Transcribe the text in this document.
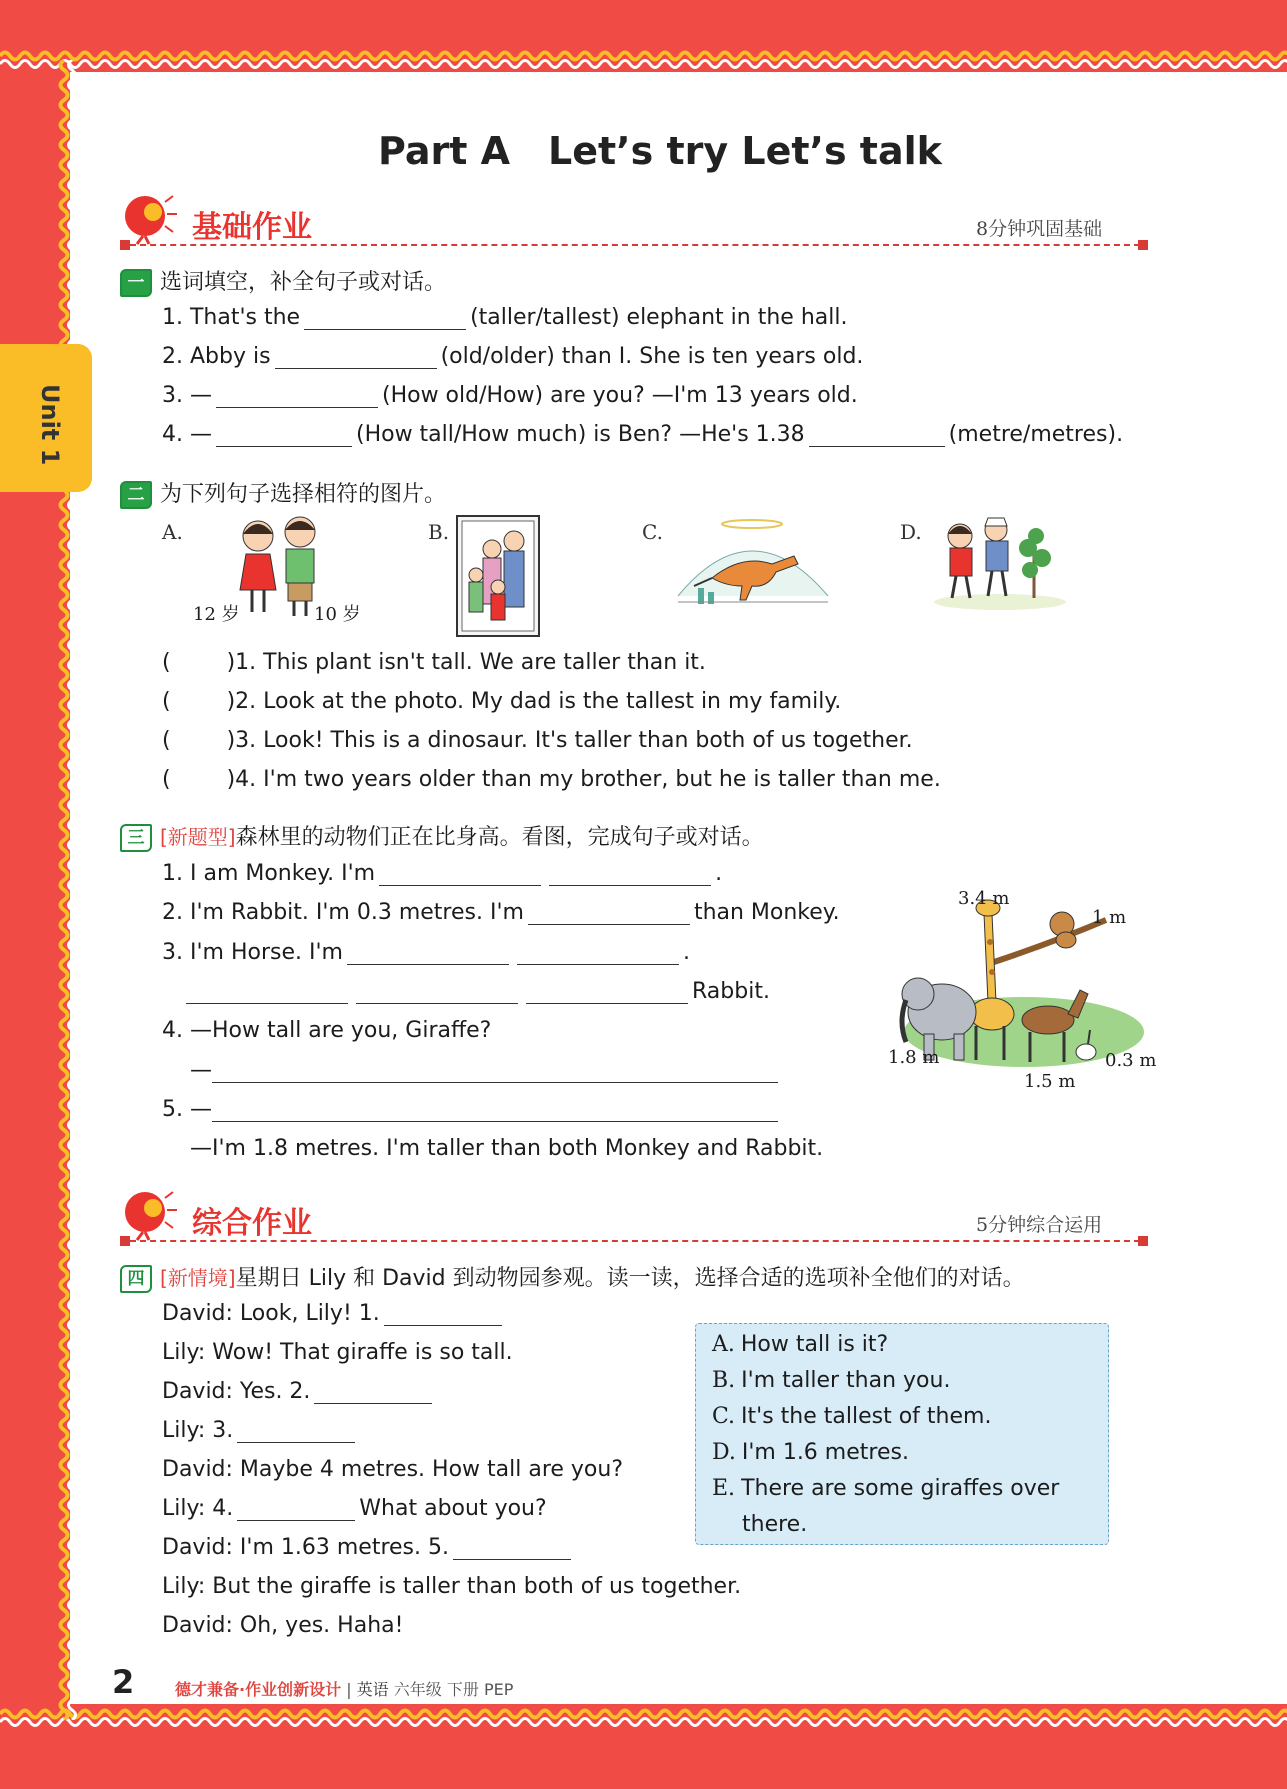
Unit 1
Part A　Let’s try Let’s talk
基础作业	8分钟巩固基础
一 选词填空，补全句子或对话。
1. That's the	(taller/tallest) elephant in the hall.
2. Abby is	(old/older) than I. She is ten years old.
3. —	(How old/How) are you? —I'm 13 years old.
4. —	(How tall/How much) is Ben? —He's 1.38	(metre/metres).
二 为下列句子选择相符的图片。
A.	B.	C.	D.
12 岁	10 岁
(	)1. This plant isn't tall. We are taller than it.
(	)2. Look at the photo. My dad is the tallest in my family.
(	)3. Look! This is a dinosaur. It's taller than both of us together.
(	)4. I'm two years older than my brother, but he is taller than me.
三 [新题型]森林里的动物们正在比身高。看图，完成句子或对话。
1. I am Monkey. I'm	.
2. I'm Rabbit. I'm 0.3 metres. I'm	than Monkey.
3. I'm Horse. I'm	.
Rabbit.
4. —How tall are you, Giraffe?
—
5. —
—I'm 1.8 metres. I'm taller than both Monkey and Rabbit.
3.4 m
1 m
1.8 m
1.5 m
0.3 m
综合作业	5分钟综合运用
四 [新情境]星期日 Lily 和 David 到动物园参观。读一读，选择合适的选项补全他们的对话。
David: Look, Lily! 1.
Lily: Wow! That giraffe is so tall.
David: Yes. 2.
Lily: 3.
David: Maybe 4 metres. How tall are you?
Lily: 4.	What about you?
David: I'm 1.63 metres. 5.
Lily: But the giraffe is taller than both of us together.
David: Oh, yes. Haha!
A. How tall is it?
B. I'm taller than you.
C. It's the tallest of them.
D. I'm 1.6 metres.
E. There are some giraffes over
there.
2	德才兼备·作业创新设计 | 英语 六年级 下册 PEP
